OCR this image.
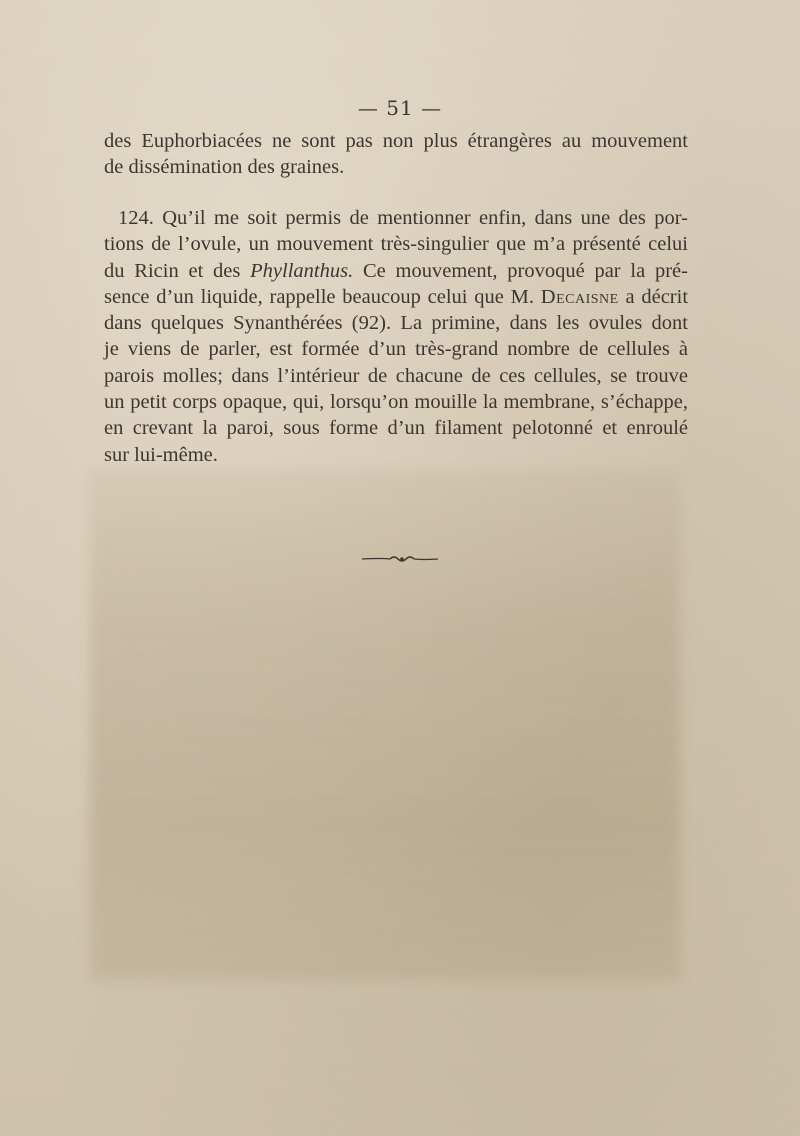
— 51 —
des Euphorbiacées ne sont pas non plus étrangères au mouvement
de dissémination des graines.
124. Qu’il me soit permis de mentionner enfin, dans une des por-
tions de l’ovule, un mouvement très-singulier que m’a présenté celui
du Ricin et des Phyllanthus. Ce mouvement, provoqué par la pré-
sence d’un liquide, rappelle beaucoup celui que M. Decaisne a décrit
dans quelques Synanthérées (92). La primine, dans les ovules dont
je viens de parler, est formée d’un très-grand nombre de cellules à
parois molles; dans l’intérieur de chacune de ces cellules, se trouve
un petit corps opaque, qui, lorsqu’on mouille la membrane, s’échappe,
en crevant la paroi, sous forme d’un filament pelotonné et enroulé
sur lui-même.
